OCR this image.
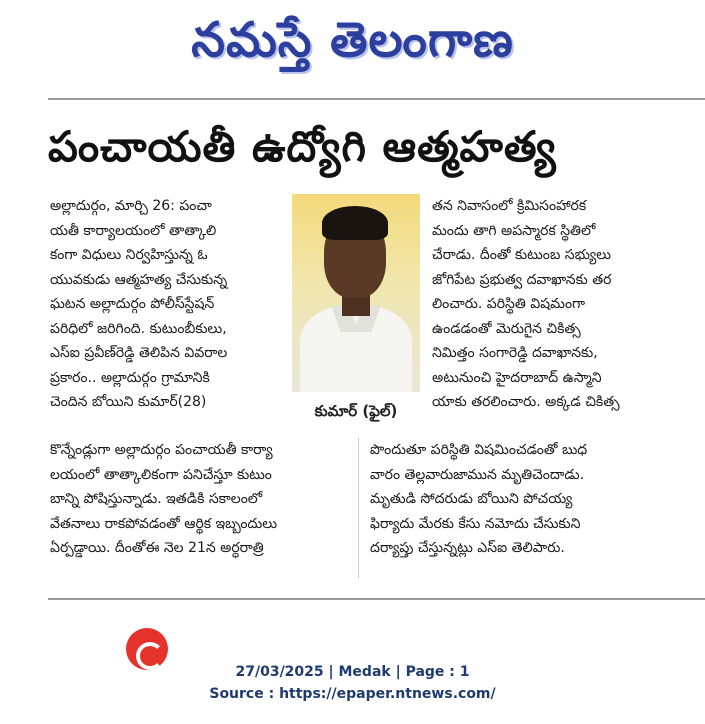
నమస్తే తెలంగాణ
పంచాయతీ ఉద్యోగి ఆత్మహత్య

అల్లాదుర్గం, మార్చి 26: పంచా

యతీ కార్యాలయంలో తాత్కాలి

కంగా విధులు నిర్వహిస్తున్న ఓ

యువకుడు ఆత్మహత్య చేసుకున్న

ఘటన అల్లాదుర్గం పోలీస్‌స్టేషన్

పరిధిలో జరిగింది. కుటుంబీకులు,

ఎస్ఐ ప్రవీణ్‌రెడ్డి తెలిపిన వివరాల

ప్రకారం.. అల్లాదుర్గం గ్రామానికి

చెందిన బోయిని కుమార్(28)	కుమార్ (ఫైల్)

తన నివాసంలో క్రిమిసంహారక

మందు తాగి అపస్మారక స్థితిలో

చేరాడు. దీంతో కుటుంబ సభ్యులు

జోగిపేట ప్రభుత్వ దవాఖానకు తర

లించారు. పరిస్థితి విషమంగా

ఉండడంతో మెరుగైన చికిత్స

నిమిత్తం సంగారెడ్డి దవాఖానకు,

అటునుంచి హైదరాబాద్ ఉస్మాని

యాకు తరలించారు. అక్కడ చికిత్స

కొన్నేండ్లుగా అల్లాదుర్గం పంచాయతీ కార్యా

లయంలో తాత్కాలికంగా పనిచేస్తూ కుటుం

బాన్ని పోషిస్తున్నాడు. ఇతడికి సకాలంలో

వేతనాలు రాకపోవడంతో ఆర్థిక ఇబ్బందులు

ఏర్పడ్డాయి. దీంతోఈ నెల 21న అర్ధరాత్రి

పొందుతూ పరిస్థితి విషమించడంతో బుధ

వారం తెల్లవారుజామున మృతిచెందాడు.

మృతుడి సోదరుడు బోయిని పోచయ్య

ఫిర్యాదు మేరకు కేసు నమోదు చేసుకుని

దర్యాప్తు చేస్తున్నట్లు ఎస్ఐ తెలిపారు.

27/03/2025 | Medak | Page : 1
Source : https://epaper.ntnews.com/
